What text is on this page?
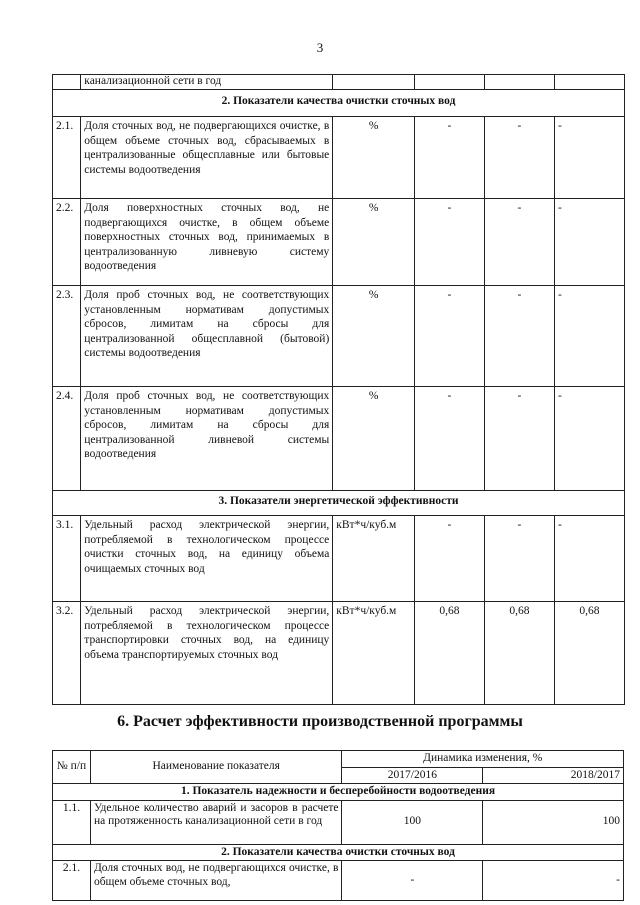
3
	канализационной сети в год				
2. Показатели качества очистки сточных вод					
2.1.	Доля сточных вод, не подвергающихся очистке, в общем объеме сточных вод, сбрасываемых в централизованные общесплавные или бытовые системы водоотведения	%	-	-	-
2.2.	Доля поверхностных сточных вод, не подвергающихся очистке, в общем объеме поверхностных сточных вод, принимаемых в централизованную ливневую систему водоотведения	%	-	-	-
2.3.	Доля проб сточных вод, не соответствующих установленным нормативам допустимых сбросов, лимитам на сбросы для централизованной общесплавной (бытовой) системы водоотведения	%	-	-	-
2.4.	Доля проб сточных вод, не соответствующих установленным нормативам допустимых сбросов, лимитам на сбросы для централизованной ливневой системы водоотведения	%	-	-	-
3. Показатели энергетической эффективности					
3.1.	Удельный расход электрической энергии, потребляемой в технологическом процессе очистки сточных вод, на единицу объема очищаемых сточных вод	кВт*ч/куб.м	-	-	-
3.2.	Удельный расход электрической энергии, потребляемой в технологическом процессе транспортировки сточных вод, на единицу объема транспортируемых сточных вод	кВт*ч/куб.м	0,68	0,68	0,68
6. Расчет эффективности производственной программы
№ п/п	Наименование показателя	Динамика изменения, %	
		2017/2016	2018/2017
1. Показатель надежности и бесперебойности водоотведения			
1.1.	Удельное количество аварий и засоров в расчете на протяженность канализационной сети в год	100	100
2. Показатели качества очистки сточных вод			
2.1.	Доля сточных вод, не подвергающихся очистке, в общем объеме сточных вод,	-	-
